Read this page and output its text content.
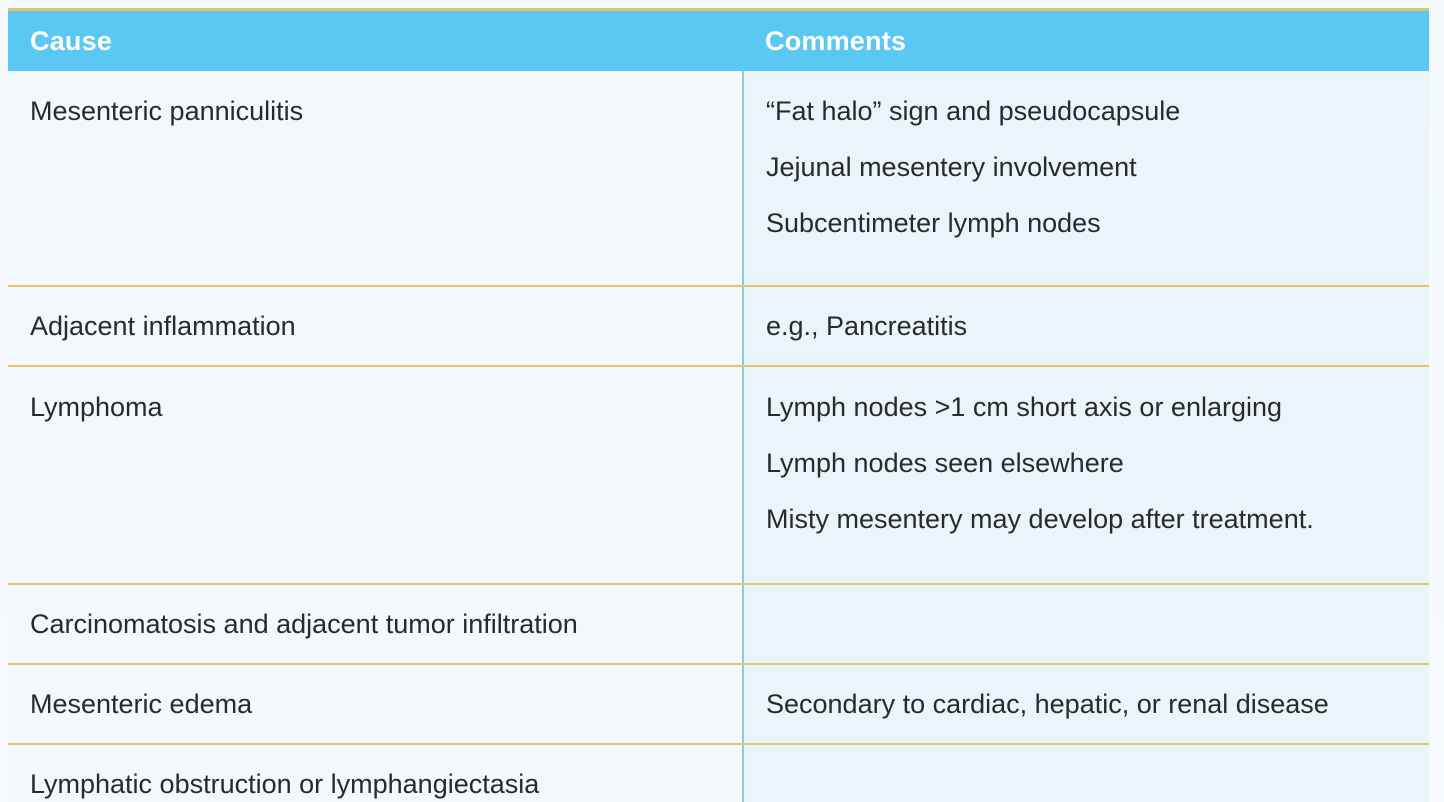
Cause	Comments

Mesenteric panniculitis	“Fat halo” sign and pseudocapsule
Jejunal mesentery involvement
Subcentimeter lymph nodes

Adjacent inflammation	e.g., Pancreatitis

Lymphoma	Lymph nodes >1 cm short axis or enlarging
Lymph nodes seen elsewhere
Misty mesentery may develop after treatment.

Carcinomatosis and adjacent tumor infiltration	

Mesenteric edema	Secondary to cardiac, hepatic, or renal disease

Lymphatic obstruction or lymphangiectasia	
